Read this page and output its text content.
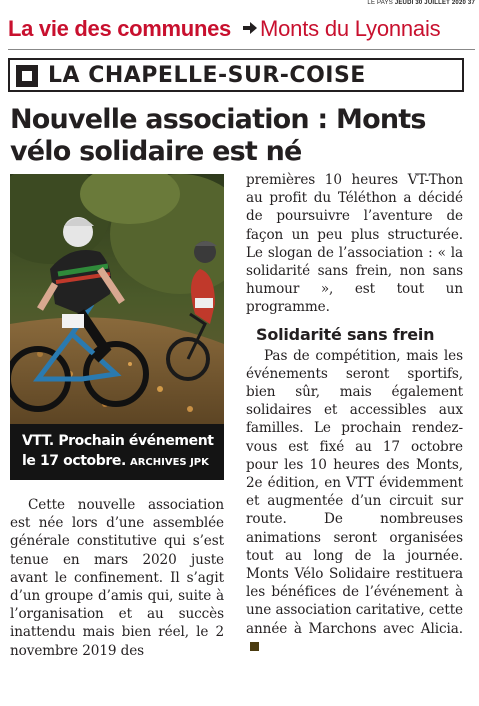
LE PAYS JEUDI 30 JUILLET 2020 37
La vie des communes Monts du Lyonnais
LA CHAPELLE-SUR-COISE
Nouvelle association : Monts vélo solidaire est né
VTT. Prochain événement le 17 octobre. ARCHIVES JPK

Cette nouvelle association est née lors d’une assemblée générale constitutive qui s’est tenue en mars 2020 juste avant le confinement. Il s’agit d’un groupe d’amis qui, suite à l’organisation et au succès inattendu mais bien réel, le 2 novembre 2019 des

premières 10 heures VT-Thon au profit du Téléthon a décidé de poursuivre l’aventure de façon un peu plus structurée. Le slogan de l’association : « la solidarité sans frein, non sans humour », est tout un programme.

Solidarité sans frein

Pas de compétition, mais les événements seront sportifs, bien sûr, mais également solidaires et accessibles aux familles. Le prochain rendez-vous est fixé au 17 octobre pour les 10 heures des Monts, 2e édition, en VTT évidemment et augmentée d’un circuit sur route. De nombreuses animations seront organisées tout au long de la journée. Monts Vélo Solidaire restituera les bénéfices de l’événement à une association caritative, cette année à Marchons avec Alicia.
